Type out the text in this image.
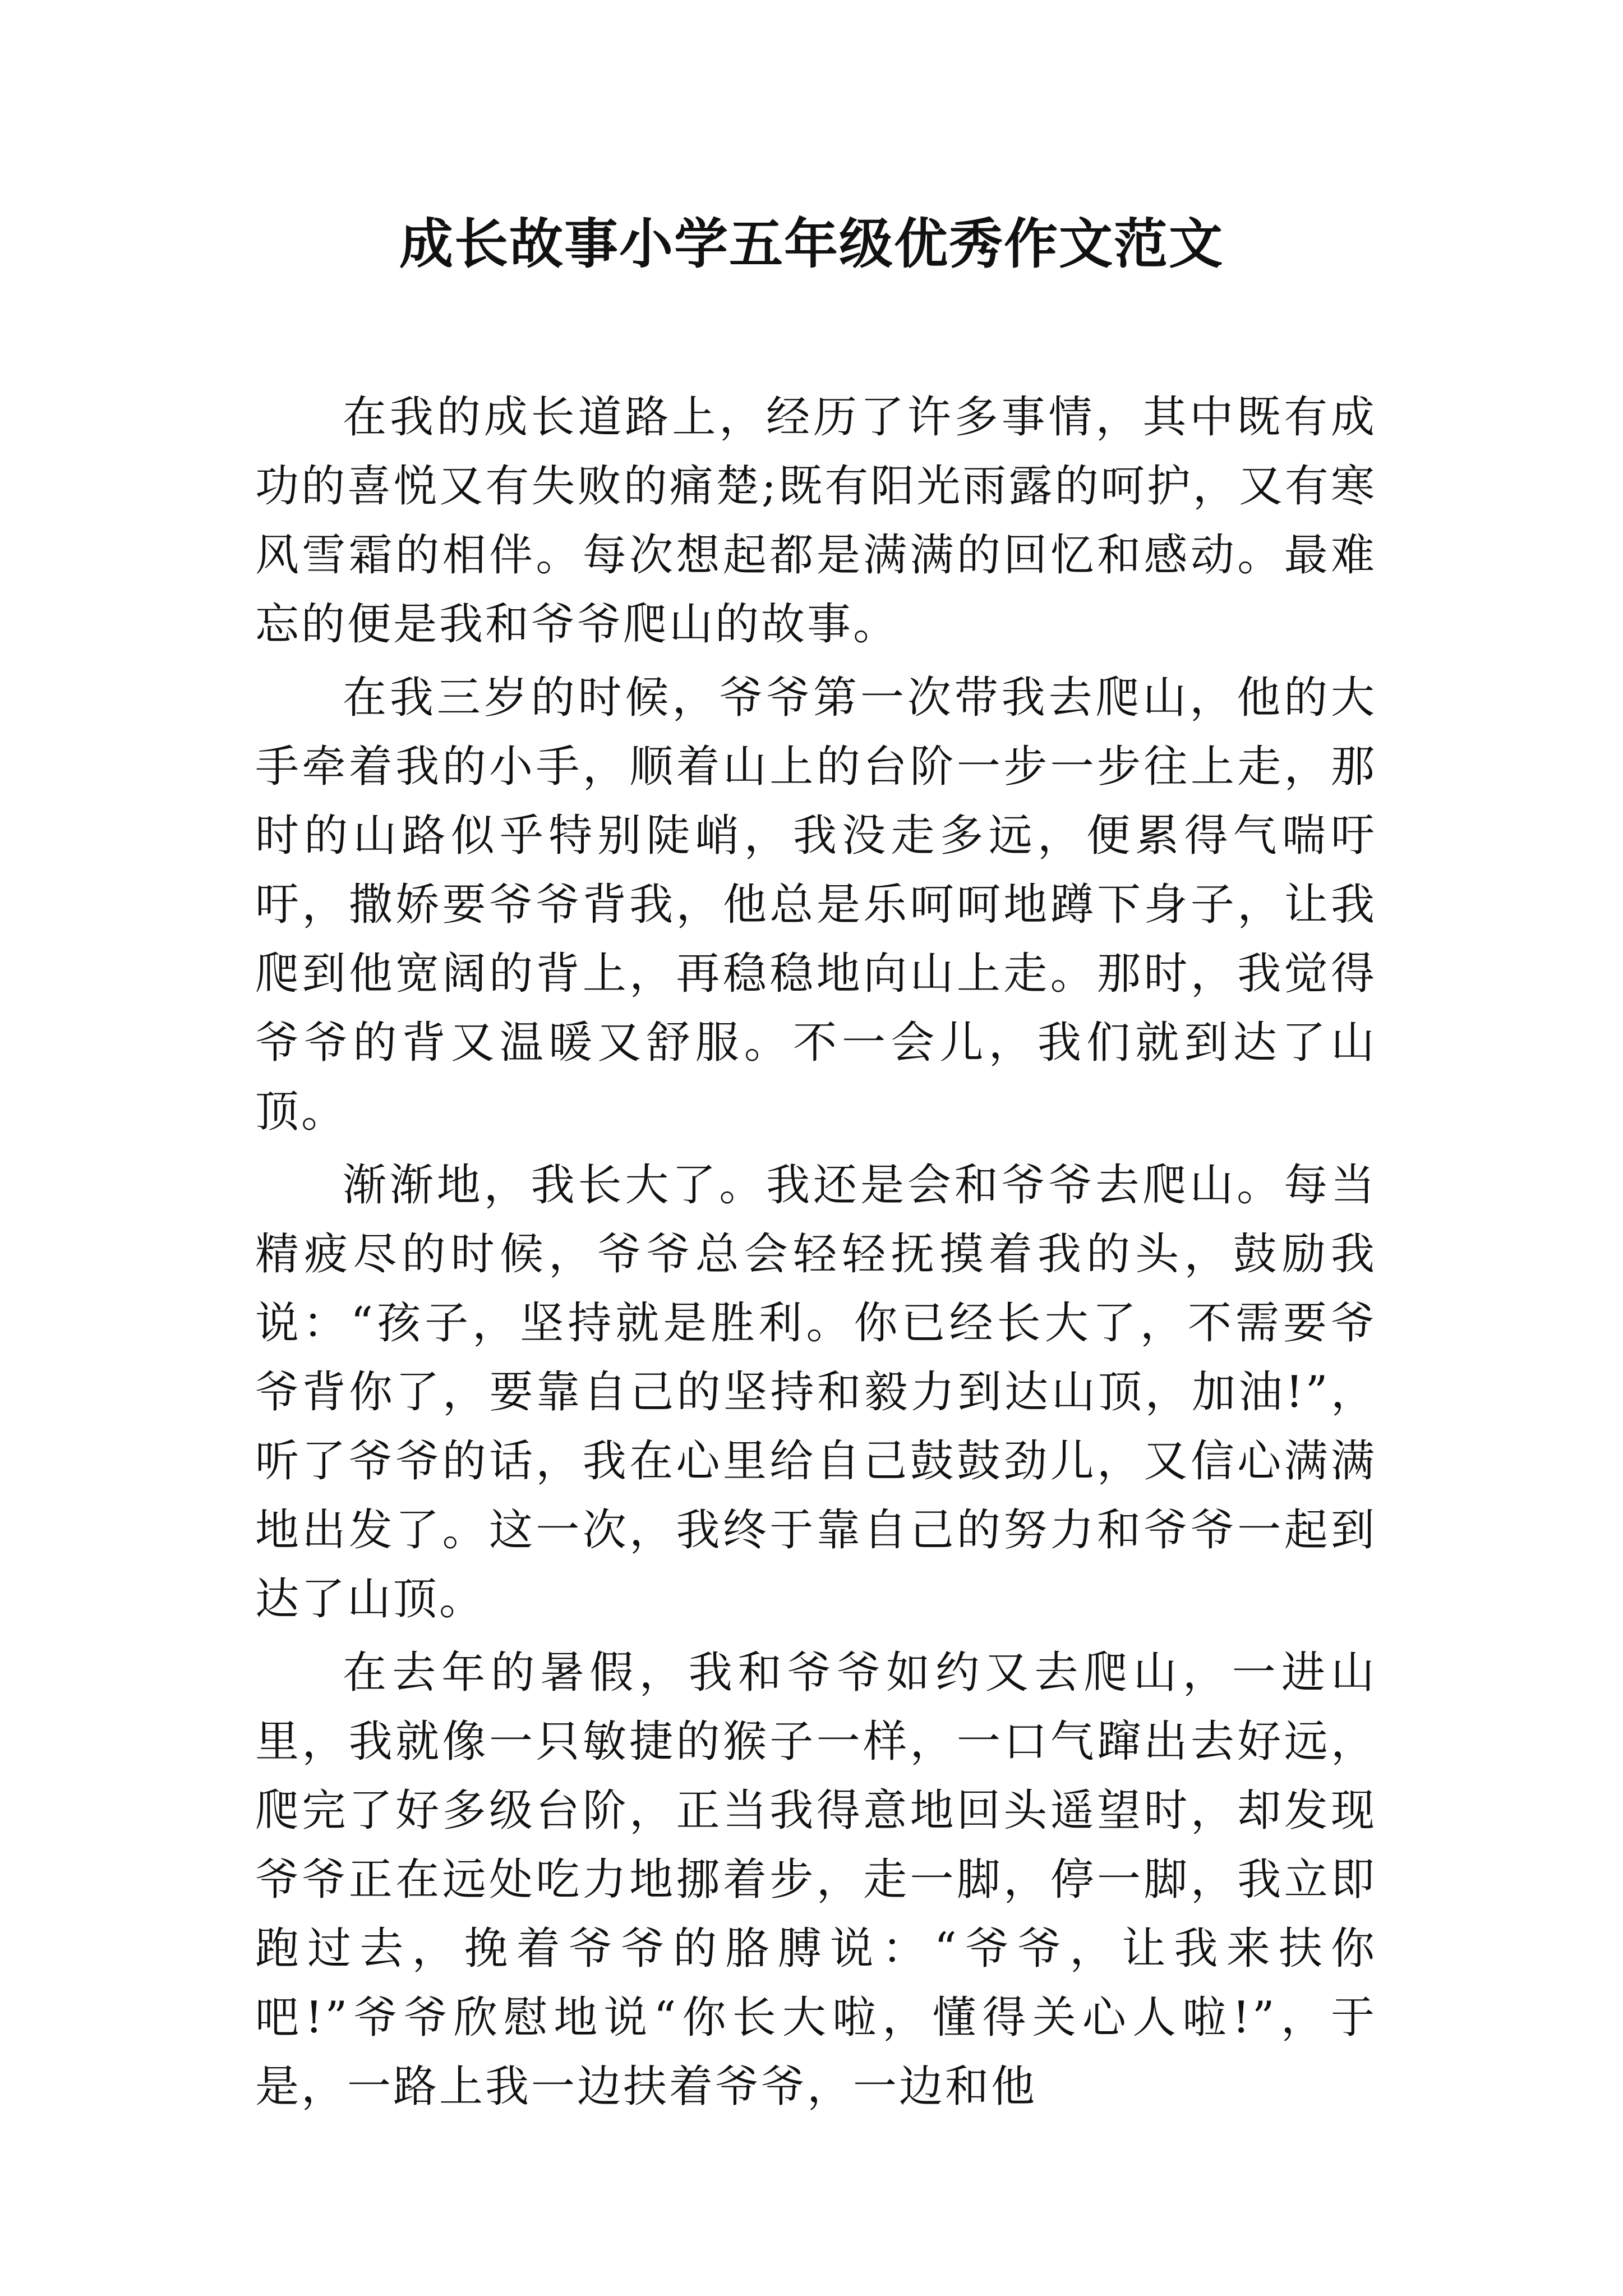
成长故事小学五年级优秀作文范文

在我的成长道路上，经历了许多事情，其中既有成功的喜悦又有失败的痛楚;既有阳光雨露的呵护，又有寒风雪霜的相伴。每次想起都是满满的回忆和感动。最难忘的便是我和爷爷爬山的故事。

在我三岁的时候，爷爷第一次带我去爬山，他的大手牵着我的小手，顺着山上的台阶一步一步往上走，那时的山路似乎特别陡峭，我没走多远，便累得气喘吁吁，撒娇要爷爷背我，他总是乐呵呵地蹲下身子，让我爬到他宽阔的背上，再稳稳地向山上走。那时，我觉得爷爷的背又温暖又舒服。不一会儿，我们就到达了山顶。

渐渐地，我长大了。我还是会和爷爷去爬山。每当精疲尽的时候，爷爷总会轻轻抚摸着我的头，鼓励我说：“孩子，坚持就是胜利。你已经长大了，不需要爷爷背你了，要靠自己的坚持和毅力到达山顶，加油!”，听了爷爷的话，我在心里给自己鼓鼓劲儿，又信心满满地出发了。这一次，我终于靠自己的努力和爷爷一起到达了山顶。

在去年的暑假，我和爷爷如约又去爬山，一进山里，我就像一只敏捷的猴子一样，一口气蹿出去好远，爬完了好多级台阶，正当我得意地回头遥望时，却发现爷爷正在远处吃力地挪着步，走一脚，停一脚，我立即跑过去，挽着爷爷的胳膊说：“爷爷，让我来扶你吧!”爷爷欣慰地说“你长大啦，懂得关心人啦!”，于是，一路上我一边扶着爷爷，一边和他
